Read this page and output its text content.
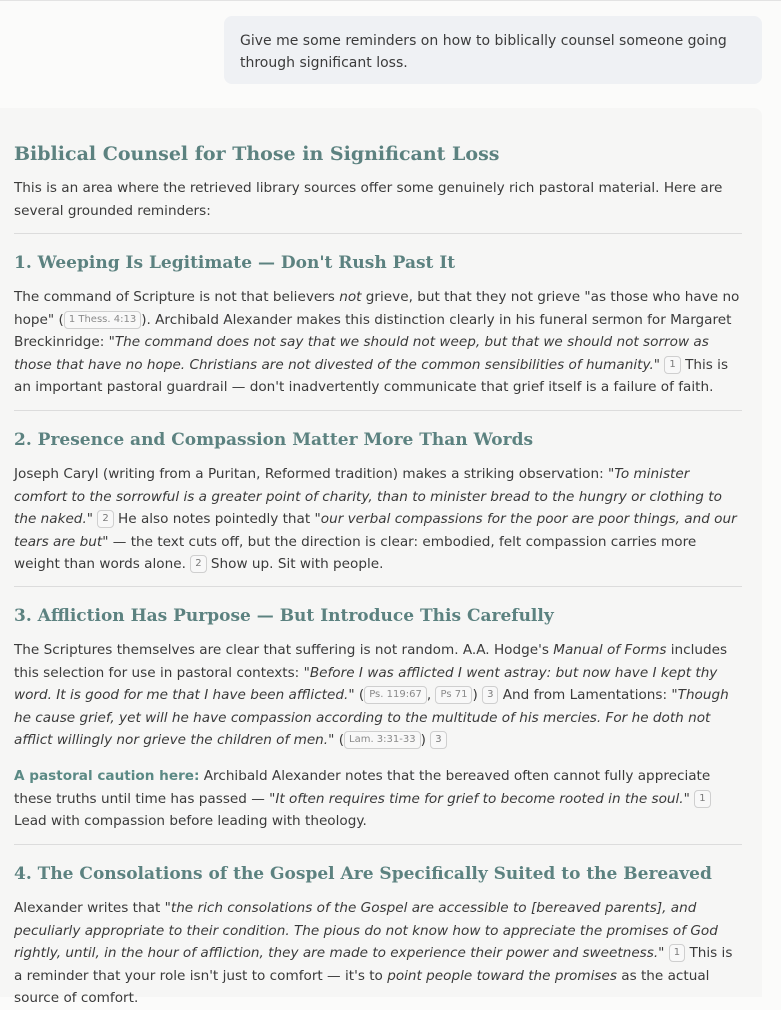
Give me some reminders on how to biblically counsel someone going through significant loss.
Biblical Counsel for Those in Significant Loss

This is an area where the retrieved library sources offer some genuinely rich pastoral material. Here are several grounded reminders:

1. Weeping Is Legitimate — Don't Rush Past It

The command of Scripture is not that believers not grieve, but that they not grieve "as those who have no hope" ( 1 Thess. 4:13 ). Archibald Alexander makes this distinction clearly in his funeral sermon for Margaret Breckinridge: "The command does not say that we should not weep, but that we should not sorrow as those that have no hope. Christians are not divested of the common sensibilities of humanity." 1 This is an important pastoral guardrail — don't inadvertently communicate that grief itself is a failure of faith.

2. Presence and Compassion Matter More Than Words

Joseph Caryl (writing from a Puritan, Reformed tradition) makes a striking observation: "To minister comfort to the sorrowful is a greater point of charity, than to minister bread to the hungry or clothing to the naked." 2 He also notes pointedly that "our verbal compassions for the poor are poor things, and our tears are but" — the text cuts off, but the direction is clear: embodied, felt compassion carries more weight than words alone. 2 Show up. Sit with people.

3. Affliction Has Purpose — But Introduce This Carefully

The Scriptures themselves are clear that suffering is not random. A.A. Hodge's Manual of Forms includes this selection for use in pastoral contexts: "Before I was afflicted I went astray: but now have I kept thy word. It is good for me that I have been afflicted." ( Ps. 119:67 , Ps 71 ) 3 And from Lamentations: "Though he cause grief, yet will he have compassion according to the multitude of his mercies. For he doth not afflict willingly nor grieve the children of men." ( Lam. 3:31-33 ) 3

A pastoral caution here: Archibald Alexander notes that the bereaved often cannot fully appreciate these truths until time has passed — "It often requires time for grief to become rooted in the soul." 1 Lead with compassion before leading with theology.

4. The Consolations of the Gospel Are Specifically Suited to the Bereaved

Alexander writes that "the rich consolations of the Gospel are accessible to [bereaved parents], and peculiarly appropriate to their condition. The pious do not know how to appreciate the promises of God rightly, until, in the hour of affliction, they are made to experience their power and sweetness." 1 This is a reminder that your role isn't just to comfort — it's to point people toward the promises as the actual source of comfort.
